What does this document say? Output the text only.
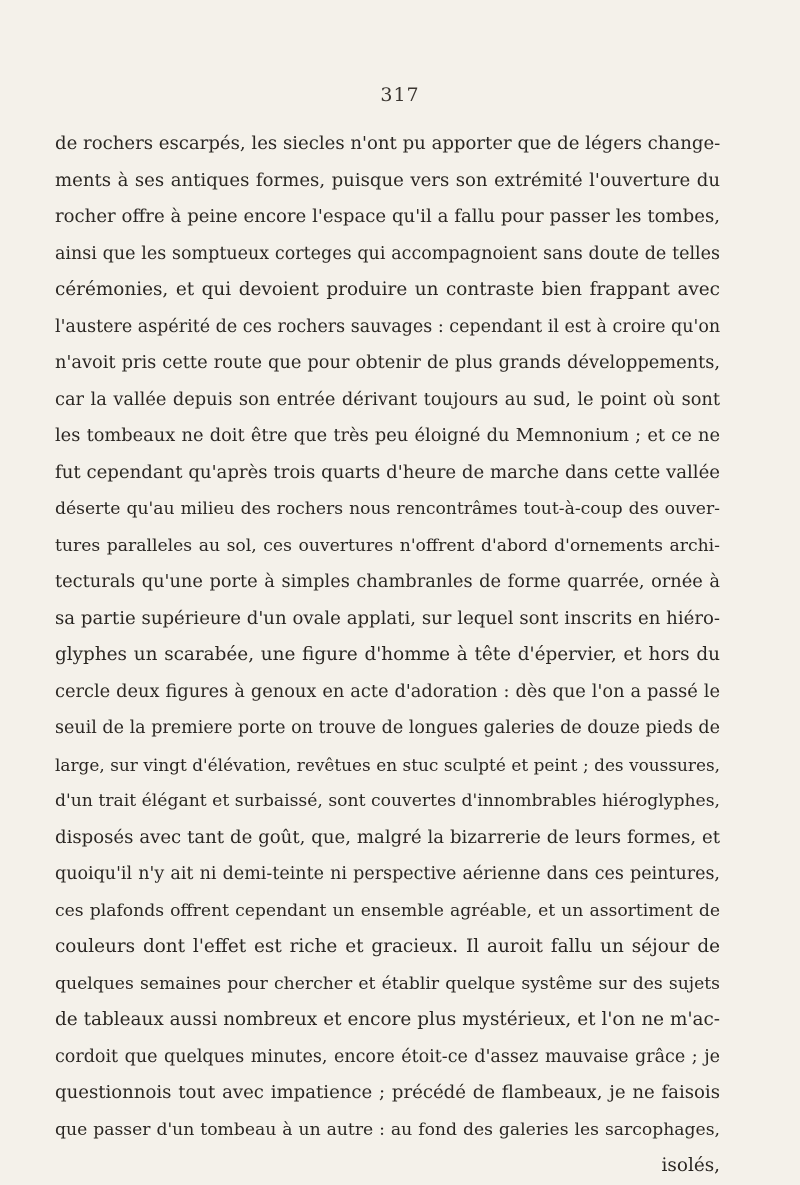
317
de rochers escarpés, les siecles n'ont pu apporter que de légers change-
ments à ses antiques formes, puisque vers son extrémité l'ouverture du
rocher offre à peine encore l'espace qu'il a fallu pour passer les tombes,
ainsi que les somptueux corteges qui accompagnoient sans doute de telles
cérémonies, et qui devoient produire un contraste bien frappant avec
l'austere aspérité de ces rochers sauvages : cependant il est à croire qu'on
n'avoit pris cette route que pour obtenir de plus grands développements,
car la vallée depuis son entrée dérivant toujours au sud, le point où sont
les tombeaux ne doit être que très peu éloigné du Memnonium ; et ce ne
fut cependant qu'après trois quarts d'heure de marche dans cette vallée
déserte qu'au milieu des rochers nous rencontrâmes tout-à-coup des ouver-
tures paralleles au sol, ces ouvertures n'offrent d'abord d'ornements archi-
tecturals qu'une porte à simples chambranles de forme quarrée, ornée à
sa partie supérieure d'un ovale applati, sur lequel sont inscrits en hiéro-
glyphes un scarabée, une figure d'homme à tête d'épervier, et hors du
cercle deux figures à genoux en acte d'adoration : dès que l'on a passé le
seuil de la premiere porte on trouve de longues galeries de douze pieds de
large, sur vingt d'élévation, revêtues en stuc sculpté et peint ; des voussures,
d'un trait élégant et surbaissé, sont couvertes d'innombrables hiéroglyphes,
disposés avec tant de goût, que, malgré la bizarrerie de leurs formes, et
quoiqu'il n'y ait ni demi-teinte ni perspective aérienne dans ces peintures,
ces plafonds offrent cependant un ensemble agréable, et un assortiment de
couleurs dont l'effet est riche et gracieux. Il auroit fallu un séjour de
quelques semaines pour chercher et établir quelque systême sur des sujets
de tableaux aussi nombreux et encore plus mystérieux, et l'on ne m'ac-
cordoit que quelques minutes, encore étoit-ce d'assez mauvaise grâce ; je
questionnois tout avec impatience ; précédé de flambeaux, je ne faisois
que passer d'un tombeau à un autre : au fond des galeries les sarcophages,
isolés,
